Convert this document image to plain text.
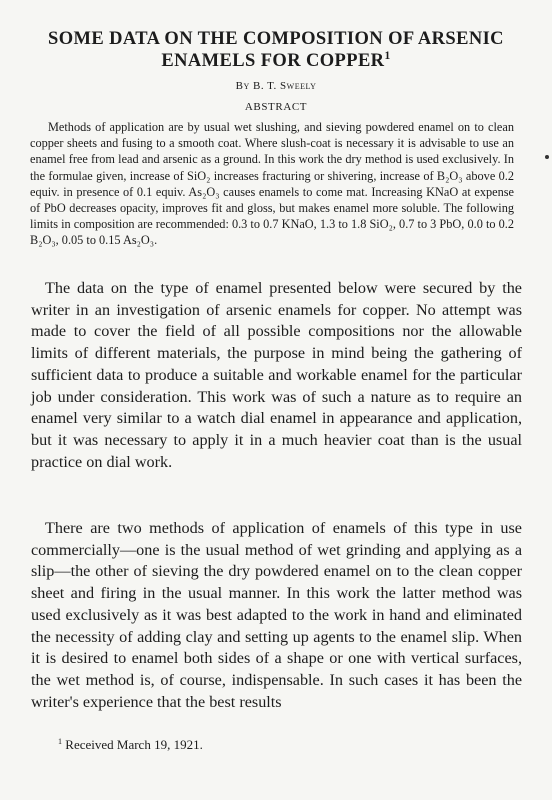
SOME DATA ON THE COMPOSITION OF ARSENIC ENAMELS FOR COPPER$^1$
By B. T. Sweely
ABSTRACT

Methods of application are by usual wet slushing, and sieving powdered enamel on to clean copper sheets and fusing to a smooth coat. Where slush-coat is necessary it is advisable to use an enamel free from lead and arsenic as a ground. In this work the dry method is used exclusively. In the formulae given, increase of SiO₂ increases fracturing or shivering, increase of B₂O₃ above 0.2 equiv. in presence of 0.1 equiv. As₂O₃ causes enamels to come mat. Increasing KNaO at expense of PbO decreases opacity, improves fit and gloss, but makes enamel more soluble. The following limits in composition are recommended: 0.3 to 0.7 KNaO, 1.3 to 1.8 SiO₂, 0.7 to 3 PbO, 0.0 to 0.2 B₂O₃, 0.05 to 0.15 As₂O₃.

The data on the type of enamel presented below were secured by the writer in an investigation of arsenic enamels for copper. No attempt was made to cover the field of all possible compositions nor the allowable limits of different materials, the purpose in mind being the gathering of sufficient data to produce a suitable and workable enamel for the particular job under consideration. This work was of such a nature as to require an enamel very similar to a watch dial enamel in appearance and application, but it was necessary to apply it in a much heavier coat than is the usual practice on dial work.

There are two methods of application of enamels of this type in use commercially—one is the usual method of wet grinding and applying as a slip—the other of sieving the dry powdered enamel on to the clean copper sheet and firing in the usual manner. In this work the latter method was used exclusively as it was best adapted to the work in hand and eliminated the necessity of adding clay and setting up agents to the enamel slip. When it is desired to enamel both sides of a shape or one with vertical surfaces, the wet method is, of course, indispensable. In such cases it has been the writer's experience that the best results

$^1$ Received March 19, 1921.
